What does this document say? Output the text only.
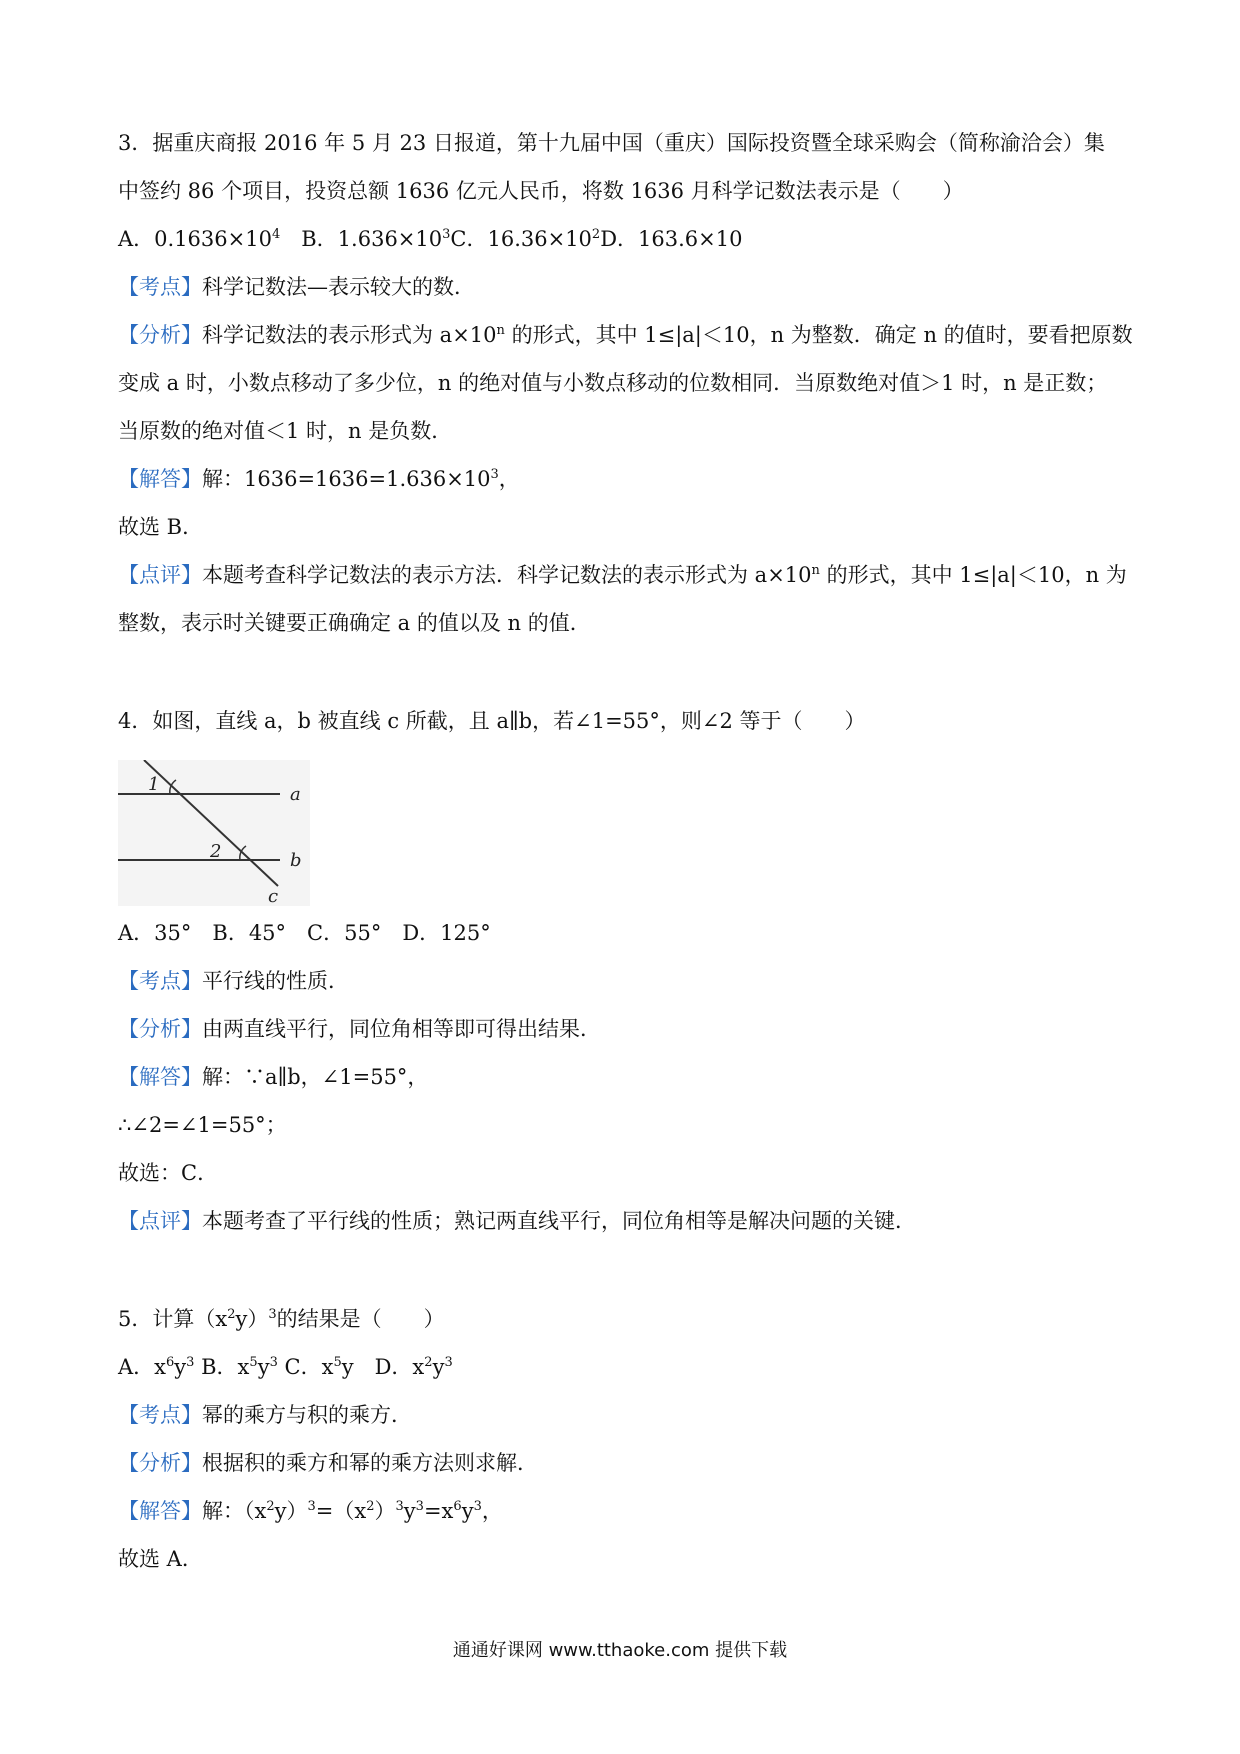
3．据重庆商报 2016 年 5 月 23 日报道，第十九届中国（重庆）国际投资暨全球采购会（简称渝洽会）集
中签约 86 个项目，投资总额 1636 亿元人民币，将数 1636 月科学记数法表示是（　　）
A．$0.1636\times 10^4$　B．$1.636\times 10^3C$．$16.36\times 10^2D$．163.6×10
【考点】科学记数法—表示较大的数．
【分析】科学记数法的表示形式为 $a\times 10^n$ 的形式，其中 1≤|a|＜10，n 为整数．确定 n 的值时，要看把原数
变成 a 时，小数点移动了多少位，n 的绝对值与小数点移动的位数相同．当原数绝对值＞1 时，n 是正数；
当原数的绝对值＜1 时，n 是负数．
【解答】解：$1636=1636=1.636\times 10^3$，
故选 B．
【点评】本题考查科学记数法的表示方法．科学记数法的表示形式为 $a\times 10^n$ 的形式，其中 1≤|a|＜10，n 为
整数，表示时关键要正确确定 a 的值以及 n 的值．
4．如图，直线 a，b 被直线 c 所截，且 a∥b，若∠1=55°，则∠2 等于（　　）
1
2
a
b
c
A．35°　B．45°　C．55°　D．125°
【考点】平行线的性质．
【分析】由两直线平行，同位角相等即可得出结果．
【解答】解：∵a∥b，∠1=55°，
∴∠2=∠1=55°；
故选：C．
【点评】本题考查了平行线的性质；熟记两直线平行，同位角相等是解决问题的关键．
5．计算$(x^2y)^3$的结果是（　　）
A．$x^6y^3$ B．$x^5y^3$ C．$x^5y$　D．$x^2y^3$
【考点】幂的乘方与积的乘方．
【分析】根据积的乘方和幂的乘方法则求解．
【解答】解：$(x^2y)^3=(x^2)^3y^3=x^6y^3$，
故选 A．
通通好课网 www.tthaoke.com 提供下载
